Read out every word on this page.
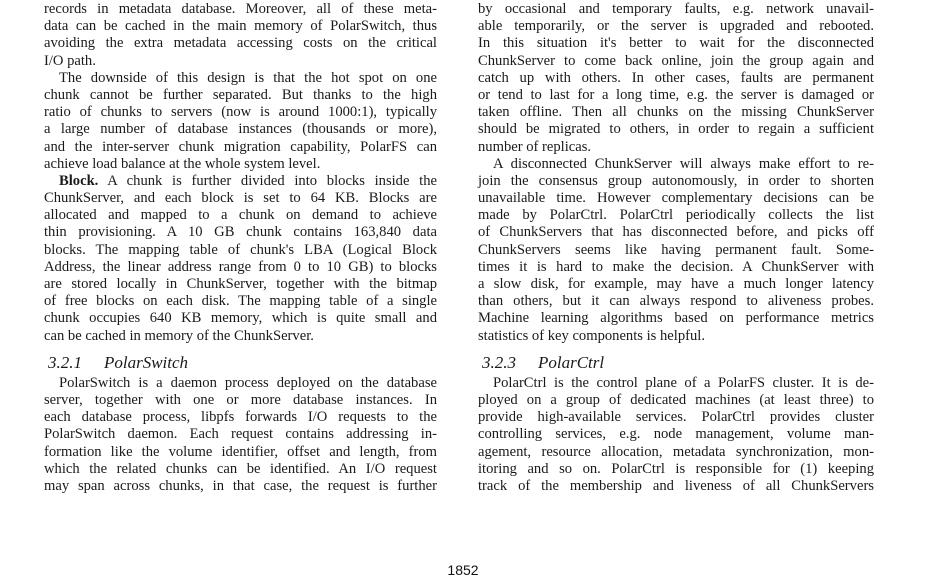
records in metadata database. Moreover, all of these meta-
data can be cached in the main memory of PolarSwitch, thus
avoiding the extra metadata accessing costs on the critical
I/O path.
The downside of this design is that the hot spot on one
chunk cannot be further separated. But thanks to the high
ratio of chunks to servers (now is around 1000:1), typically
a large number of database instances (thousands or more),
and the inter-server chunk migration capability, PolarFS can
achieve load balance at the whole system level.
Block. A chunk is further divided into blocks inside the
ChunkServer, and each block is set to 64 KB. Blocks are
allocated and mapped to a chunk on demand to achieve
thin provisioning. A 10 GB chunk contains 163,840 data
blocks. The mapping table of chunk's LBA (Logical Block
Address, the linear address range from 0 to 10 GB) to blocks
are stored locally in ChunkServer, together with the bitmap
of free blocks on each disk. The mapping table of a single
chunk occupies 640 KB memory, which is quite small and
can be cached in memory of the ChunkServer.
3.2.1 PolarSwitch
PolarSwitch is a daemon process deployed on the database
server, together with one or more database instances. In
each database process, libpfs forwards I/O requests to the
PolarSwitch daemon. Each request contains addressing in-
formation like the volume identifier, offset and length, from
which the related chunks can be identified. An I/O request
may span across chunks, in that case, the request is further
by occasional and temporary faults, e.g. network unavail-
able temporarily, or the server is upgraded and rebooted.
In this situation it's better to wait for the disconnected
ChunkServer to come back online, join the group again and
catch up with others. In other cases, faults are permanent
or tend to last for a long time, e.g. the server is damaged or
taken offline. Then all chunks on the missing ChunkServer
should be migrated to others, in order to regain a sufficient
number of replicas.
A disconnected ChunkServer will always make effort to re-
join the consensus group autonomously, in order to shorten
unavailable time. However complementary decisions can be
made by PolarCtrl. PolarCtrl periodically collects the list
of ChunkServers that has disconnected before, and picks off
ChunkServers seems like having permanent fault. Some-
times it is hard to make the decision. A ChunkServer with
a slow disk, for example, may have a much longer latency
than others, but it can always respond to aliveness probes.
Machine learning algorithms based on performance metrics
statistics of key components is helpful.
3.2.3 PolarCtrl
PolarCtrl is the control plane of a PolarFS cluster. It is de-
ployed on a group of dedicated machines (at least three) to
provide high-available services. PolarCtrl provides cluster
controlling services, e.g. node management, volume man-
agement, resource allocation, metadata synchronization, mon-
itoring and so on. PolarCtrl is responsible for (1) keeping
track of the membership and liveness of all ChunkServers
1852
